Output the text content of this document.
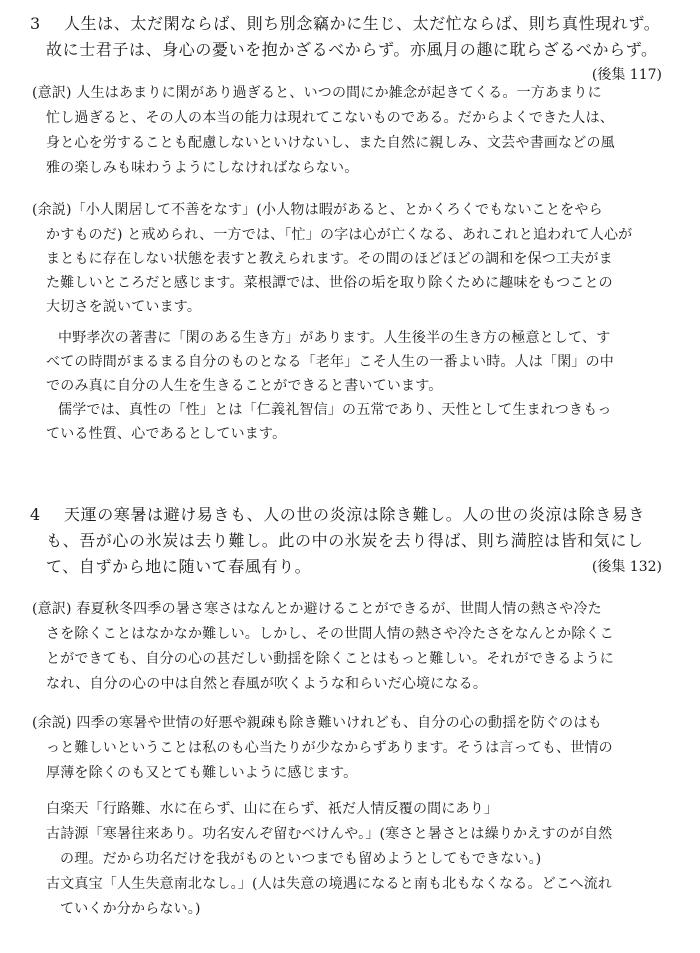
3 人生は、太だ閑ならば、則ち別念竊かに生じ、太だ忙ならば、則ち真性現れず。
故に士君子は、身心の憂いを抱かざるべからず。亦風月の趣に耽らざるべからず。
(後集 117)
(意訳) 人生はあまりに閑があり過ぎると、いつの間にか雑念が起きてくる。一方あまりに
忙し過ぎると、その人の本当の能力は現れてこないものである。だからよくできた人は、
身と心を労することも配慮しないといけないし、また自然に親しみ、文芸や書画などの風
雅の楽しみも味わうようにしなければならない。
(余説)「小人閑居して不善をなす」(小人物は暇があると、とかくろくでもないことをやら
かすものだ) と戒められ、一方では、「忙」の字は心が亡くなる、あれこれと追われて人心が
まともに存在しない状態を表すと教えられます。その間のほどほどの調和を保つ工夫がま
た難しいところだと感じます。菜根譚では、世俗の垢を取り除くために趣味をもつことの
大切さを説いています。
中野孝次の著書に「閑のある生き方」があります。人生後半の生き方の極意として、す
べての時間がまるまる自分のものとなる「老年」こそ人生の一番よい時。人は「閑」の中
でのみ真に自分の人生を生きることができると書いています。
儒学では、真性の「性」とは「仁義礼智信」の五常であり、天性として生まれつきもっ
ている性質、心であるとしています。
4 天運の寒暑は避け易きも、人の世の炎涼は除き難し。人の世の炎涼は除き易き
も、吾が心の氷炭は去り難し。此の中の氷炭を去り得ば、則ち満腔は皆和気にし
て、自ずから地に随いて春風有り。	(後集 132)
(意訳) 春夏秋冬四季の暑さ寒さはなんとか避けることができるが、世間人情の熱さや冷た
さを除くことはなかなか難しい。しかし、その世間人情の熱さや冷たさをなんとか除くこ
とができても、自分の心の甚だしい動揺を除くことはもっと難しい。それができるように
なれ、自分の心の中は自然と春風が吹くような和らいだ心境になる。
(余説) 四季の寒暑や世情の好悪や親疎も除き難いけれども、自分の心の動揺を防ぐのはも
っと難しいということは私のも心当たりが少なからずあります。そうは言っても、世情の
厚薄を除くのも又とても難しいように感じます。
白楽天「行路難、水に在らず、山に在らず、祇だ人情反覆の間にあり」
古詩源「寒暑往来あり。功名安んぞ留むべけんや。」(寒さと暑さとは繰りかえすのが自然
の理。だから功名だけを我がものといつまでも留めようとしてもできない。)
古文真宝「人生失意南北なし。」(人は失意の境遇になると南も北もなくなる。どこへ流れ
ていくか分からない。)
